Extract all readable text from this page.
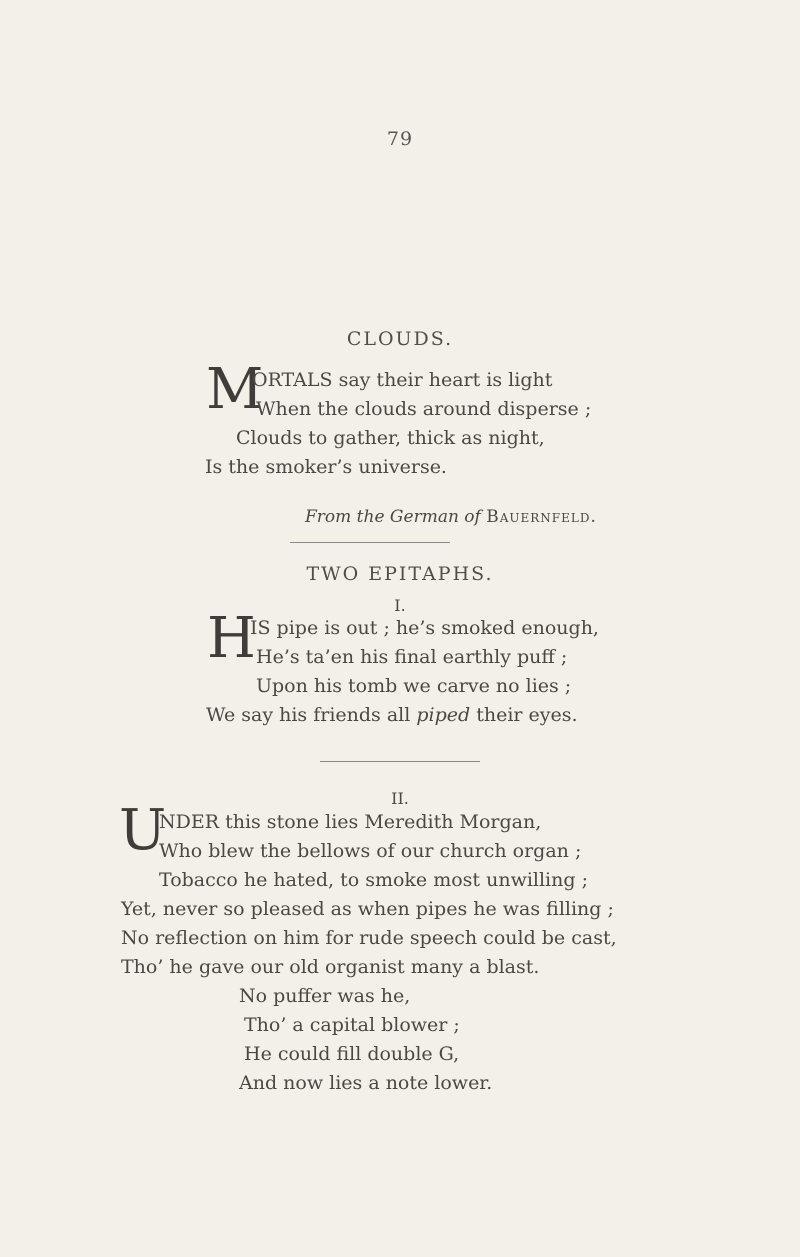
79
CLOUDS.
M
ORTALS say their heart is light
When the clouds around disperse ;
Clouds to gather, thick as night,
Is the smoker’s universe.
From the German of Bauernfeld.
TWO EPITAPHS.
I.
H
IS pipe is out ; he’s smoked enough,
He’s ta’en his final earthly puff ;
Upon his tomb we carve no lies ;
We say his friends all piped their eyes.
II.
U
NDER this stone lies Meredith Morgan,
Who blew the bellows of our church organ ;
Tobacco he hated, to smoke most unwilling ;
Yet, never so pleased as when pipes he was filling ;
No reflection on him for rude speech could be cast,
Tho’ he gave our old organist many a blast.
No puffer was he,
Tho’ a capital blower ;
He could fill double G,
And now lies a note lower.
